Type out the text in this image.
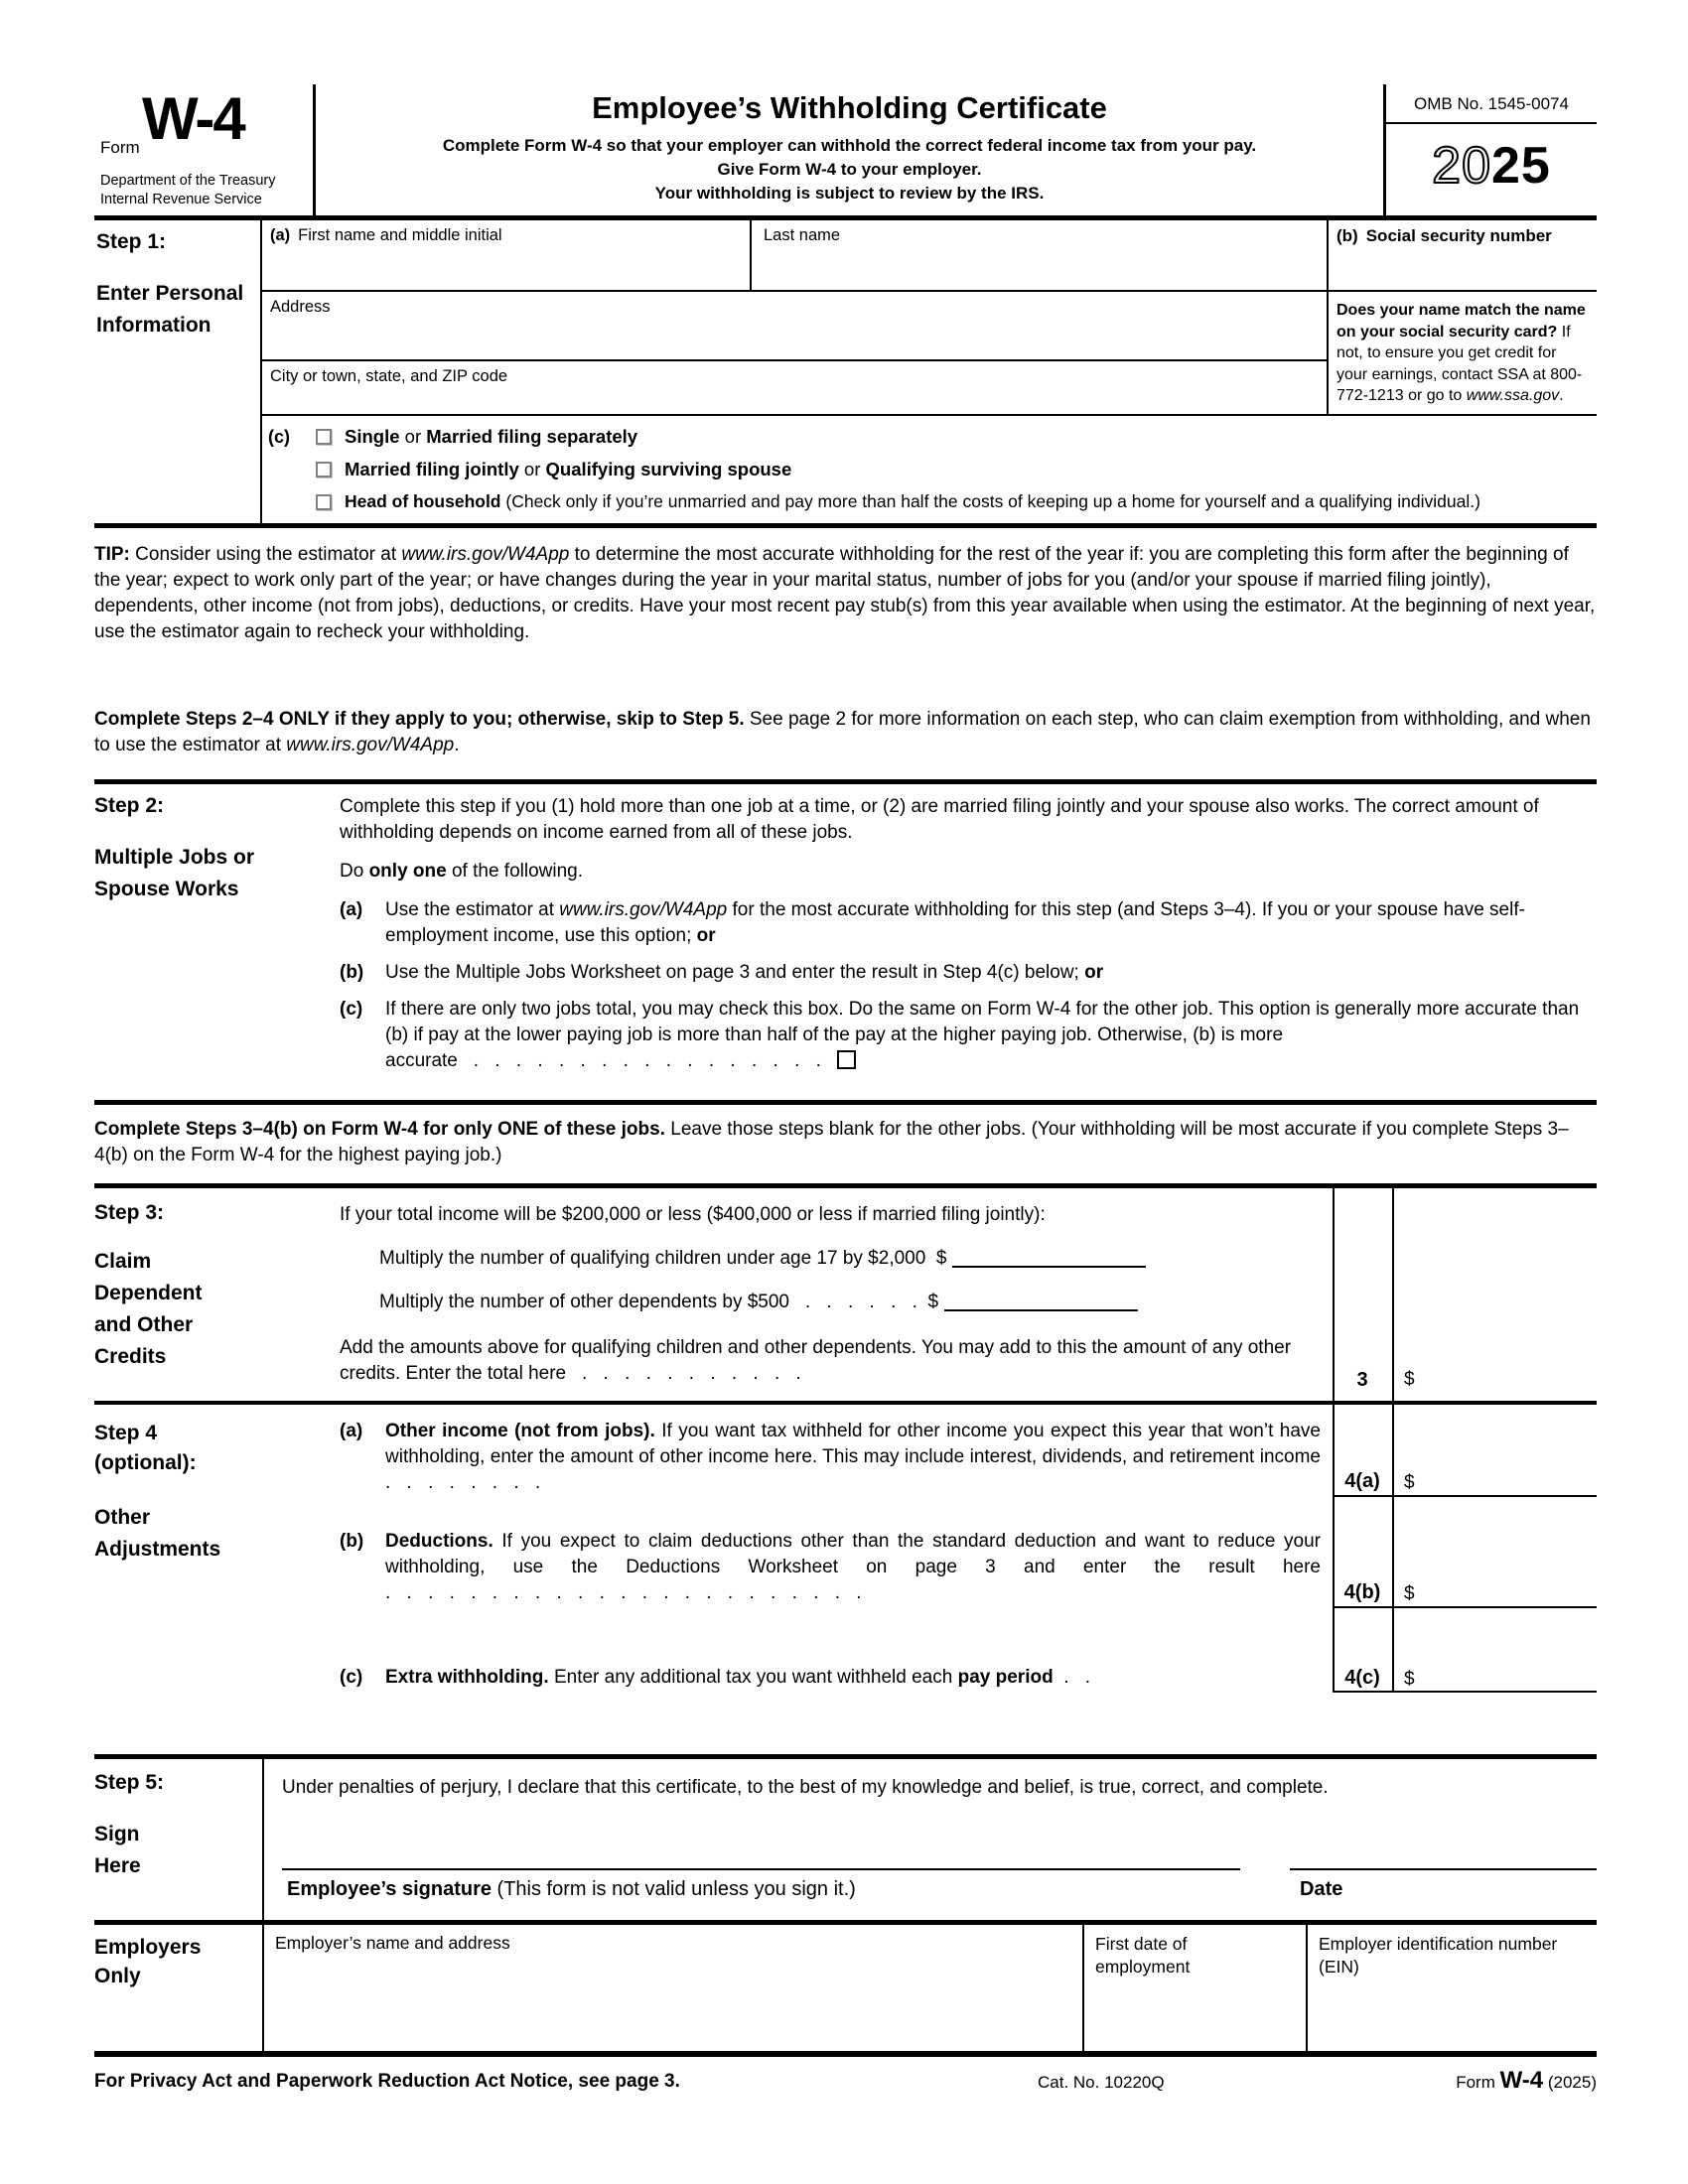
Form W-4
Department of the Treasury
Internal Revenue Service
Employee’s Withholding Certificate
Complete Form W-4 so that your employer can withhold the correct federal income tax from your pay.
Give Form W-4 to your employer.
Your withholding is subject to review by the IRS.
OMB No. 1545-0074
2025
Step 1:
Enter Personal Information
(a) First name and middle initial	Last name
Address
City or town, state, and ZIP code
(b) Social security number
Does your name match the name on your social security card? If not, to ensure you get credit for your earnings, contact SSA at 800-772-1213 or go to www.ssa.gov.
(c)	Single or Married filing separately
Married filing jointly or Qualifying surviving spouse
Head of household (Check only if you’re unmarried and pay more than half the costs of keeping up a home for yourself and a qualifying individual.)
TIP: Consider using the estimator at www.irs.gov/W4App to determine the most accurate withholding for the rest of the year if: you are completing this form after the beginning of the year; expect to work only part of the year; or have changes during the year in your marital status, number of jobs for you (and/or your spouse if married filing jointly), dependents, other income (not from jobs), deductions, or credits. Have your most recent pay stub(s) from this year available when using the estimator. At the beginning of next year, use the estimator again to recheck your withholding.
Complete Steps 2–4 ONLY if they apply to you; otherwise, skip to Step 5. See page 2 for more information on each step, who can claim exemption from withholding, and when to use the estimator at www.irs.gov/W4App.
Step 2:
Multiple Jobs or Spouse Works
Complete this step if you (1) hold more than one job at a time, or (2) are married filing jointly and your spouse also works. The correct amount of withholding depends on income earned from all of these jobs.
Do only one of the following.
(a)	Use the estimator at www.irs.gov/W4App for the most accurate withholding for this step (and Steps 3–4). If you or your spouse have self-employment income, use this option; or
(b)	Use the Multiple Jobs Worksheet on page 3 and enter the result in Step 4(c) below; or
(c)	If there are only two jobs total, you may check this box. Do the same on Form W-4 for the other job. This option is generally more accurate than (b) if pay at the lower paying job is more than half of the pay at the higher paying job. Otherwise, (b) is more accurate . . . . . . . . . . . . . . . . .
Complete Steps 3–4(b) on Form W-4 for only ONE of these jobs. Leave those steps blank for the other jobs. (Your withholding will be most accurate if you complete Steps 3–4(b) on the Form W-4 for the highest paying job.)
Step 3:
Claim Dependent and Other Credits
If your total income will be $200,000 or less ($400,000 or less if married filing jointly):
Multiply the number of qualifying children under age 17 by $2,000 $
Multiply the number of other dependents by $500 . . . . . . $
Add the amounts above for qualifying children and other dependents. You may add to this the amount of any other credits. Enter the total here . . . . . . . . . . .	3	$
Step 4 (optional):
Other Adjustments
(a)	Other income (not from jobs). If you want tax withheld for other income you expect this year that won’t have withholding, enter the amount of other income here. This may include interest, dividends, and retirement income . . . . . . . .	4(a)	$
(b)	Deductions. If you expect to claim deductions other than the standard deduction and want to reduce your withholding, use the Deductions Worksheet on page 3 and enter the result here . . . . . . . . . . . . . . . . . . . . . . .	4(b)	$
(c)	Extra withholding. Enter any additional tax you want withheld each pay period . .	4(c)	$
Step 5:
Sign Here
Under penalties of perjury, I declare that this certificate, to the best of my knowledge and belief, is true, correct, and complete.
Employee’s signature (This form is not valid unless you sign it.)	Date
Employers Only
Employer’s name and address	First date of employment
Employer identification number (EIN)
For Privacy Act and Paperwork Reduction Act Notice, see page 3.	Cat. No. 10220Q	Form W-4 (2025)
